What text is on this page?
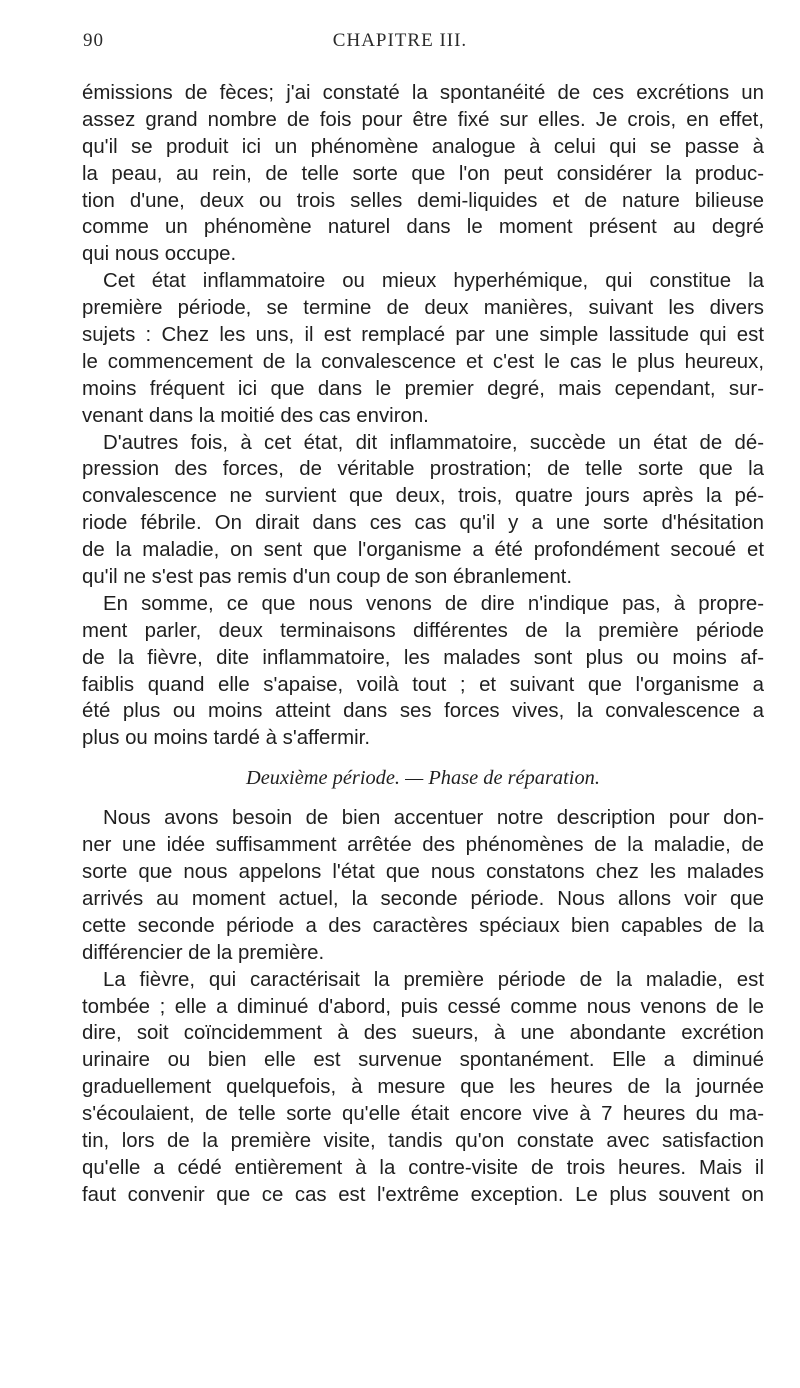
90	CHAPITRE III.
émissions de fèces; j'ai constaté la spontanéité de ces excrétions un
assez grand nombre de fois pour être fixé sur elles. Je crois, en effet,
qu'il se produit ici un phénomène analogue à celui qui se passe à
la peau, au rein, de telle sorte que l'on peut considérer la produc-
tion d'une, deux ou trois selles demi-liquides et de nature bilieuse
comme un phénomène naturel dans le moment présent au degré
qui nous occupe.
Cet état inflammatoire ou mieux hyperhémique, qui constitue la
première période, se termine de deux manières, suivant les divers
sujets : Chez les uns, il est remplacé par une simple lassitude qui est
le commencement de la convalescence et c'est le cas le plus heureux,
moins fréquent ici que dans le premier degré, mais cependant, sur-
venant dans la moitié des cas environ.
D'autres fois, à cet état, dit inflammatoire, succède un état de dé-
pression des forces, de véritable prostration; de telle sorte que la
convalescence ne survient que deux, trois, quatre jours après la pé-
riode fébrile. On dirait dans ces cas qu'il y a une sorte d'hésitation
de la maladie, on sent que l'organisme a été profondément secoué et
qu'il ne s'est pas remis d'un coup de son ébranlement.
En somme, ce que nous venons de dire n'indique pas, à propre-
ment parler, deux terminaisons différentes de la première période
de la fièvre, dite inflammatoire, les malades sont plus ou moins af-
faiblis quand elle s'apaise, voilà tout ; et suivant que l'organisme a
été plus ou moins atteint dans ses forces vives, la convalescence a
plus ou moins tardé à s'affermir.
Deuxième période. — Phase de réparation.
Nous avons besoin de bien accentuer notre description pour don-
ner une idée suffisamment arrêtée des phénomènes de la maladie, de
sorte que nous appelons l'état que nous constatons chez les malades
arrivés au moment actuel, la seconde période. Nous allons voir que
cette seconde période a des caractères spéciaux bien capables de la
différencier de la première.
La fièvre, qui caractérisait la première période de la maladie, est
tombée ; elle a diminué d'abord, puis cessé comme nous venons de le
dire, soit coïncidemment à des sueurs, à une abondante excrétion
urinaire ou bien elle est survenue spontanément. Elle a diminué
graduellement quelquefois, à mesure que les heures de la journée
s'écoulaient, de telle sorte qu'elle était encore vive à 7 heures du ma-
tin, lors de la première visite, tandis qu'on constate avec satisfaction
qu'elle a cédé entièrement à la contre-visite de trois heures. Mais il
faut convenir que ce cas est l'extrême exception. Le plus souvent on
